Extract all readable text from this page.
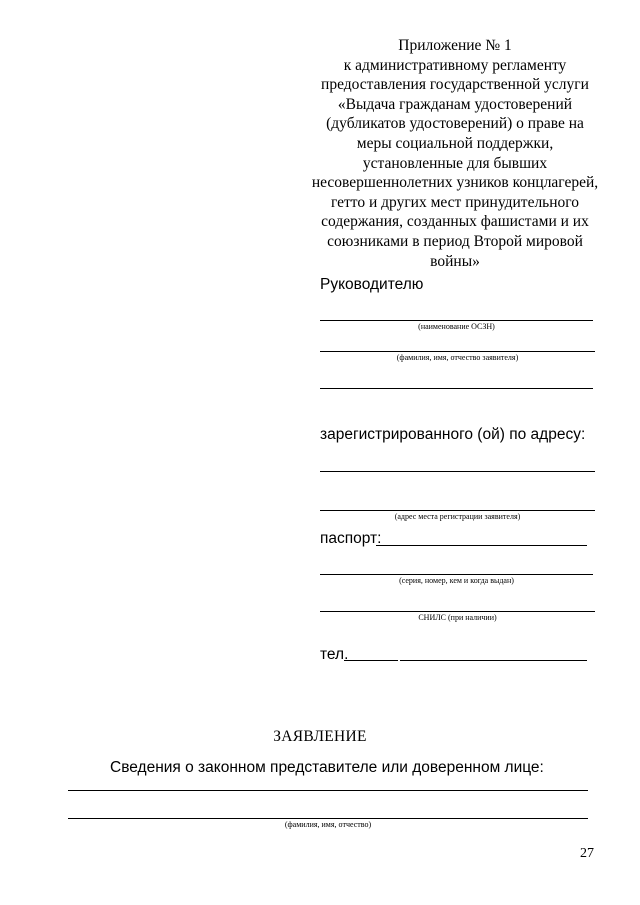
Приложение № 1
к административному регламенту
предоставления государственной услуги
«Выдача гражданам удостоверений
(дубликатов удостоверений) о праве на
меры социальной поддержки,
установленные для бывших
несовершеннолетних узников концлагерей,
гетто и других мест принудительного
содержания, созданных фашистами и их
союзниками в период Второй мировой
войны»
Руководителю
(наименование ОСЗН)
(фамилия, имя, отчество заявителя)
зарегистрированного (ой) по адресу:
(адрес места регистрации заявителя)
паспорт:
(серия, номер, кем и когда выдан)
СНИЛС (при наличии)
тел.
ЗАЯВЛЕНИЕ
Сведения о законном представителе или доверенном лице:
(фамилия, имя, отчество)
27
